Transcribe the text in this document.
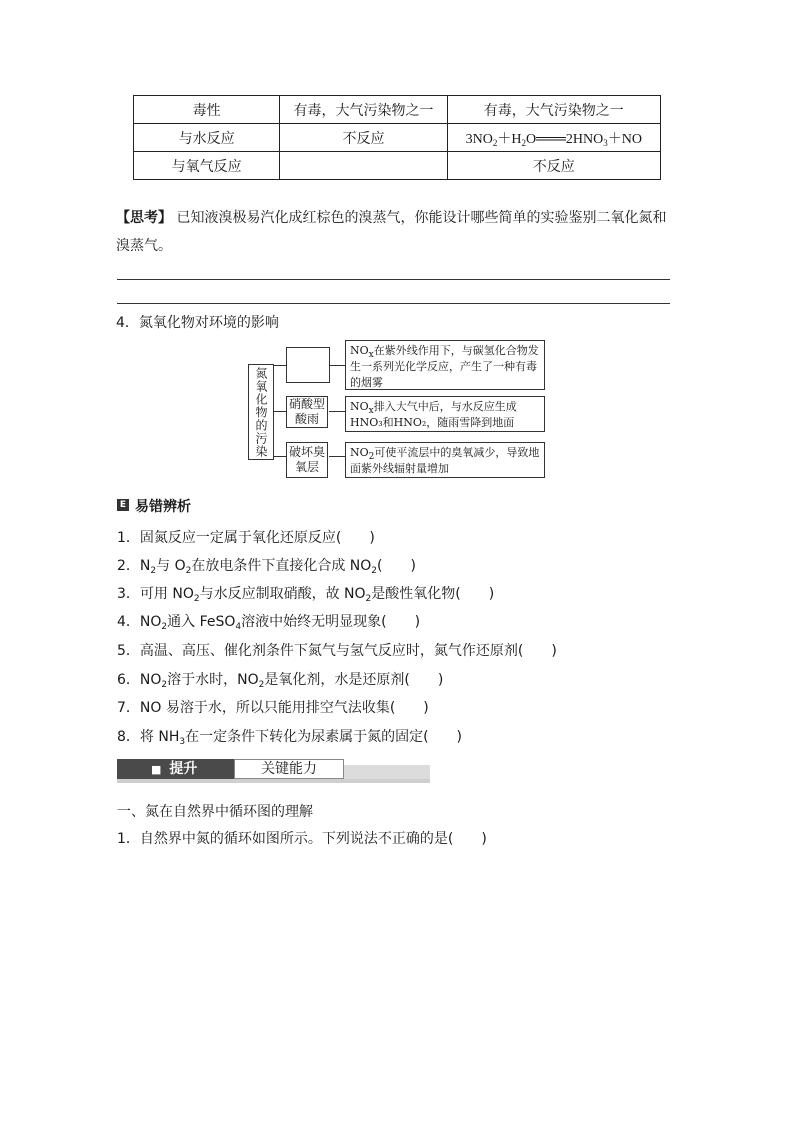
毒性	有毒，大气污染物之一	有毒，大气污染物之一
与水反应	不反应	$3NO_2+H_2O═══2HNO_3+NO$
与氧气反应		不反应
【思考】 已知液溴极易汽化成红棕色的溴蒸气，你能设计哪些简单的实验鉴别二氧化氮和溴蒸气。
4．氮氧化物对环境的影响
氮氧化物的污染
$NO_x$在紫外线作用下，与碳氢化合物发生一系列光化学反应，产生了一种有毒的烟雾
硝酸型酸雨
$NO_x$排入大气中后，与水反应生成HNO₃和HNO₂，随雨雪降到地面
破坏臭氧层
$NO_2$可使平流层中的臭氧减少，导致地面紫外线辐射量增加
E 易错辨析
1．固氮反应一定属于氧化还原反应(　　)
2．$N_2$与 $O_2$在放电条件下直接化合成 $NO_2$(　　)
3．可用 $NO_2$与水反应制取硝酸，故 $NO_2$是酸性氧化物(　　)
4．$NO_2$通入 FeSO$_4$溶液中始终无明显现象(　　)
5．高温、高压、催化剂条件下氮气与氢气反应时，氮气作还原剂(　　)
6．$NO_2$溶于水时，$NO_2$是氧化剂，水是还原剂(　　)
7．NO 易溶于水，所以只能用排空气法收集(　　)
8．将 $NH_3$在一定条件下转化为尿素属于氮的固定(　　)
■ 提升	关键能力
一、氮在自然界中循环图的理解
1．自然界中氮的循环如图所示。下列说法不正确的是(　　)
